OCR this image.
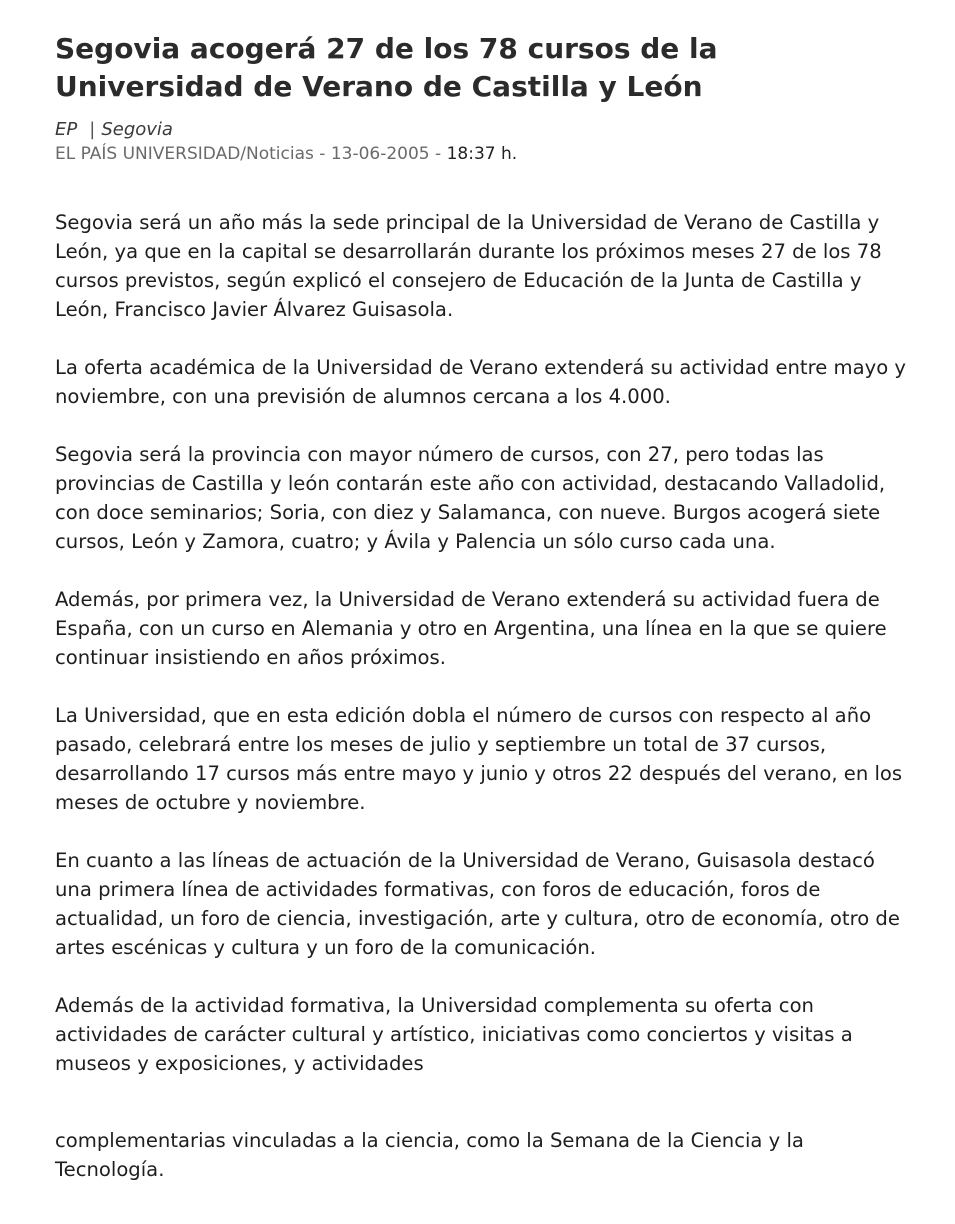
Segovia acogerá 27 de los 78 cursos de la Universidad de Verano de Castilla y León
EP | Segovia
EL PAÍS UNIVERSIDAD/Noticias - 13-06-2005 - 18:37 h.

Segovia será un año más la sede principal de la Universidad de Verano de Castilla y León, ya que en la capital se desarrollarán durante los próximos meses 27 de los 78 cursos previstos, según explicó el consejero de Educación de la Junta de Castilla y León, Francisco Javier Álvarez Guisasola.

La oferta académica de la Universidad de Verano extenderá su actividad entre mayo y noviembre, con una previsión de alumnos cercana a los 4.000.

Segovia será la provincia con mayor número de cursos, con 27, pero todas las provincias de Castilla y león contarán este año con actividad, destacando Valladolid, con doce seminarios; Soria, con diez y Salamanca, con nueve. Burgos acogerá siete cursos, León y Zamora, cuatro; y Ávila y Palencia un sólo curso cada una.

Además, por primera vez, la Universidad de Verano extenderá su actividad fuera de España, con un curso en Alemania y otro en Argentina, una línea en la que se quiere continuar insistiendo en años próximos.

La Universidad, que en esta edición dobla el número de cursos con respecto al año pasado, celebrará entre los meses de julio y septiembre un total de 37 cursos, desarrollando 17 cursos más entre mayo y junio y otros 22 después del verano, en los meses de octubre y noviembre.

En cuanto a las líneas de actuación de la Universidad de Verano, Guisasola destacó una primera línea de actividades formativas, con foros de educación, foros de actualidad, un foro de ciencia, investigación, arte y cultura, otro de economía, otro de artes escénicas y cultura y un foro de la comunicación.

Además de la actividad formativa, la Universidad complementa su oferta con actividades de carácter cultural y artístico, iniciativas como conciertos y visitas a museos y exposiciones, y actividades

complementarias vinculadas a la ciencia, como la Semana de la Ciencia y la Tecnología.
